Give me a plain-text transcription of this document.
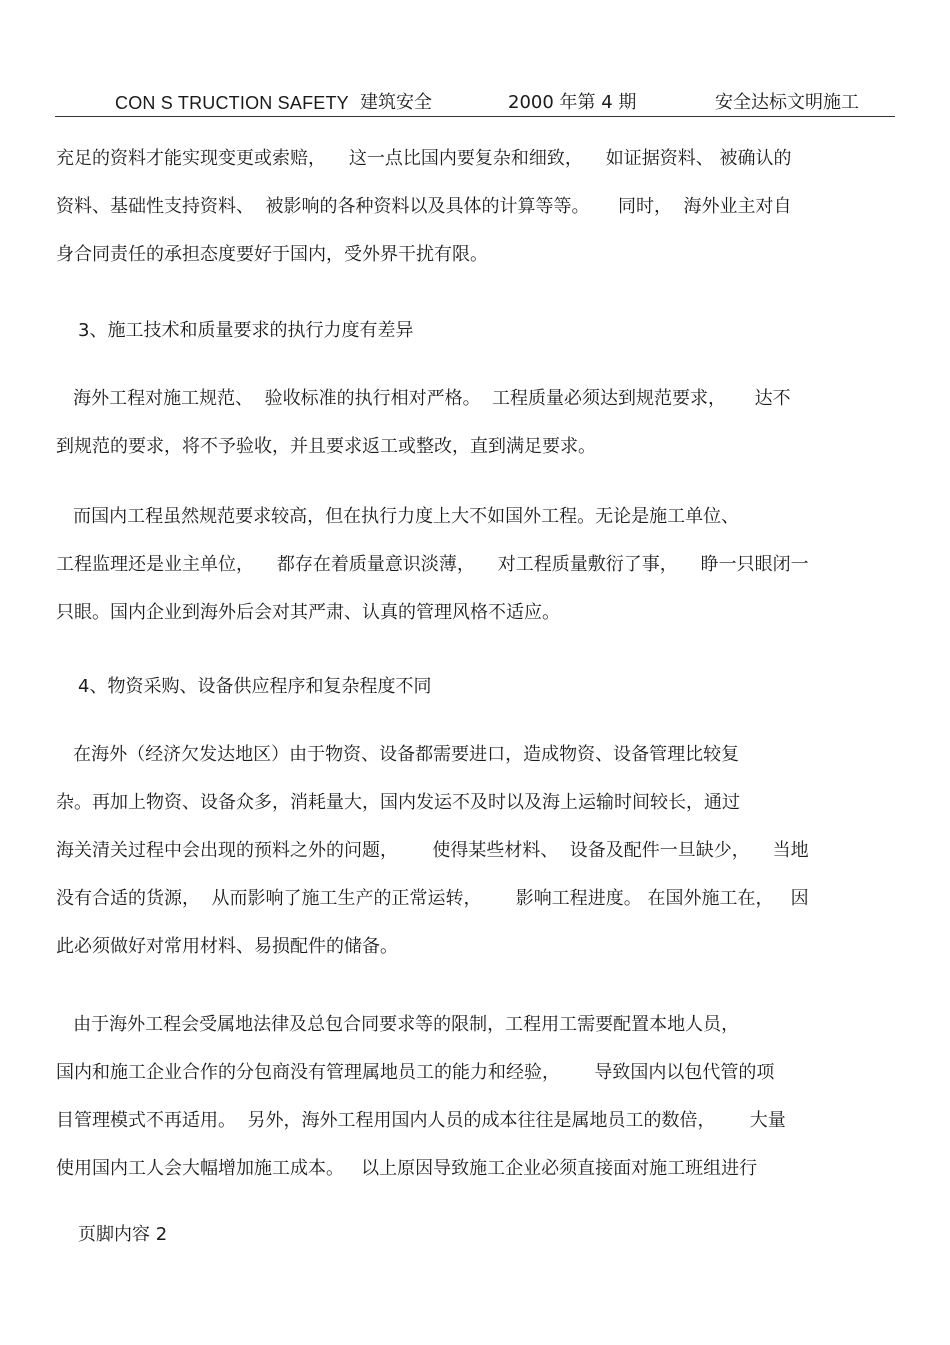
CON S TRUCTION SAFETY 建筑安全	2000 年第 4 期	安全达标文明施工
充足的资料才能实现变更或索赔，    这一点比国内要复杂和细致，    如证据资料、 被确认的
资料、基础性支持资料、  被影响的各种资料以及具体的计算等等。     同时，  海外业主对自
身合同责任的承担态度要好于国内，受外界干扰有限。
3、施工技术和质量要求的执行力度有差异
海外工程对施工规范、  验收标准的执行相对严格。  工程质量必须达到规范要求，     达不
到规范的要求，将不予验收，并且要求返工或整改，直到满足要求。
而国内工程虽然规范要求较高，但在执行力度上大不如国外工程。无论是施工单位、
工程监理还是业主单位，    都存在着质量意识淡薄，    对工程质量敷衍了事，    睁一只眼闭一
只眼。国内企业到海外后会对其严肃、认真的管理风格不适应。
4、物资采购、设备供应程序和复杂程度不同
在海外（经济欠发达地区）由于物资、设备都需要进口，造成物资、设备管理比较复
杂。再加上物资、设备众多，消耗量大，国内发运不及时以及海上运输时间较长，通过
海关清关过程中会出现的预料之外的问题，      使得某些材料、  设备及配件一旦缺少，    当地
没有合适的货源，  从而影响了施工生产的正常运转，      影响工程进度。 在国外施工在，   因
此必须做好对常用材料、易损配件的储备。
由于海外工程会受属地法律及总包合同要求等的限制，工程用工需要配置本地人员，
国内和施工企业合作的分包商没有管理属地员工的能力和经验，      导致国内以包代管的项
目管理模式不再适用。  另外，海外工程用国内人员的成本往往是属地员工的数倍，      大量
使用国内工人会大幅增加施工成本。   以上原因导致施工企业必须直接面对施工班组进行
页脚内容 2
